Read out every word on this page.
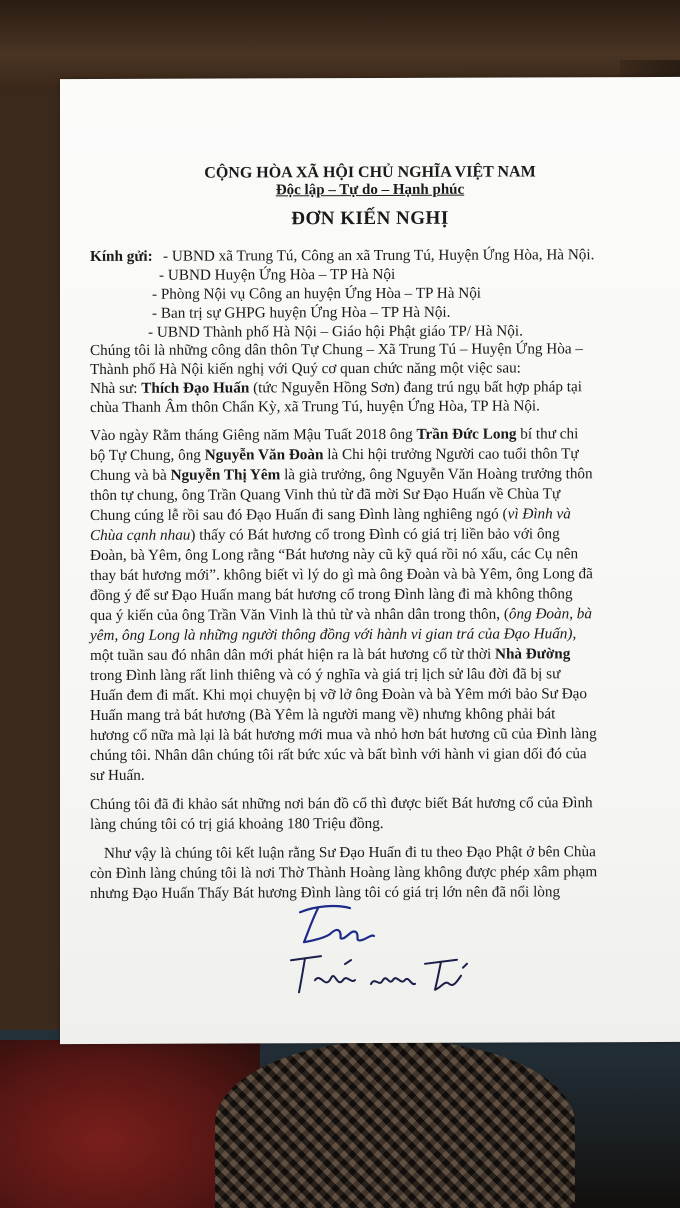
CỘNG HÒA XÃ HỘI CHỦ NGHĨA VIỆT NAM
Độc lập – Tự do – Hạnh phúc
ĐƠN KIẾN NGHỊ
Kính gửi: - UBND xã Trung Tú, Công an xã Trung Tú, Huyện Ứng Hòa, Hà Nội.
- UBND Huyện Ứng Hòa – TP Hà Nội
- Phòng Nội vụ Công an huyện Ứng Hòa – TP Hà Nội
- Ban trị sự GHPG huyện Ứng Hòa – TP Hà Nội.
- UBND Thành phố Hà Nội – Giáo hội Phật giáo TP/ Hà Nội.
Chúng tôi là những công dân thôn Tự Chung – Xã Trung Tú – Huyện Ứng Hòa –
Thành phố Hà Nội kiến nghị với Quý cơ quan chức năng một việc sau:
Nhà sư: Thích Đạo Huấn (tức Nguyễn Hồng Sơn) đang trú ngụ bất hợp pháp tại
chùa Thanh Âm thôn Chẩn Kỳ, xã Trung Tú, huyện Ứng Hòa, TP Hà Nội.
Vào ngày Rằm tháng Giêng năm Mậu Tuất 2018 ông Trần Đức Long bí thư chi
bộ Tự Chung, ông Nguyễn Văn Đoàn là Chi hội trưởng Người cao tuổi thôn Tự
Chung và bà Nguyễn Thị Yêm là già trưởng, ông Nguyễn Văn Hoàng trưởng thôn
thôn tự chung, ông Trần Quang Vinh thủ từ đã mời Sư Đạo Huấn về Chùa Tự
Chung cúng lễ rồi sau đó Đạo Huấn đi sang Đình làng nghiêng ngó (vì Đình và
Chùa cạnh nhau) thấy có Bát hương cổ trong Đình có giá trị liền bảo với ông
Đoàn, bà Yêm, ông Long rằng “Bát hương này cũ kỹ quá rồi nó xấu, các Cụ nên
thay bát hương mới”. không biết vì lý do gì mà ông Đoàn và bà Yêm, ông Long đã
đồng ý để sư Đạo Huấn mang bát hương cổ trong Đình làng đi mà không thông
qua ý kiến của ông Trần Văn Vinh là thủ từ và nhân dân trong thôn, (ông Đoàn, bà
yêm, ông Long là những người thông đồng với hành vi gian trá của Đạo Huấn),
một tuần sau đó nhân dân mới phát hiện ra là bát hương cổ từ thời Nhà Đường
trong Đình làng rất linh thiêng và có ý nghĩa và giá trị lịch sử lâu đời đã bị sư
Huấn đem đi mất. Khi mọi chuyện bị vỡ lở ông Đoàn và bà Yêm mới bảo Sư Đạo
Huấn mang trả bát hương (Bà Yêm là người mang về) nhưng không phải bát
hương cổ nữa mà lại là bát hương mới mua và nhỏ hơn bát hương cũ của Đình làng
chúng tôi. Nhân dân chúng tôi rất bức xúc và bất bình với hành vi gian dối đó của
sư Huấn.
Chúng tôi đã đi khảo sát những nơi bán đồ cổ thì được biết Bát hương cổ của Đình
làng chúng tôi có trị giá khoảng 180 Triệu đồng.
Như vậy là chúng tôi kết luận rằng Sư Đạo Huấn đi tu theo Đạo Phật ở bên Chùa
còn Đình làng chúng tôi là nơi Thờ Thành Hoàng làng không được phép xâm phạm
nhưng Đạo Huấn Thấy Bát hương Đình làng tôi có giá trị lớn nên đã nổi lòng
